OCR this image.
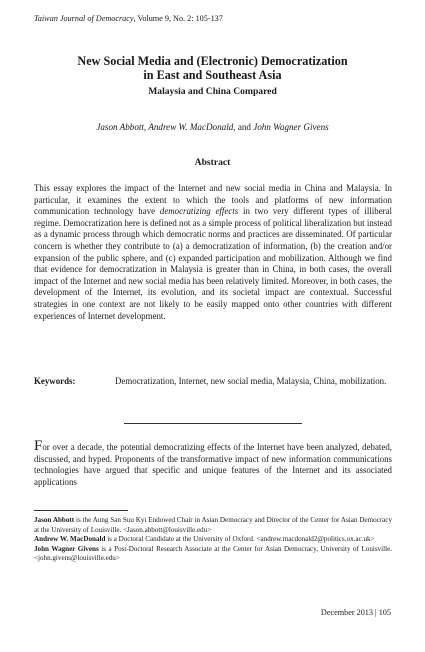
Taiwan Journal of Democracy, Volume 9, No. 2: 105-137
New Social Media and (Electronic) Democratization
in East and Southeast Asia
Malaysia and China Compared
Jason Abbott, Andrew W. MacDonald, and John Wagner Givens
Abstract

This essay explores the impact of the Internet and new social media in China and Malaysia. In particular, it examines the extent to which the tools and platforms of new information communication technology have democratizing effects in two very different types of illiberal regime. Democratization here is defined not as a simple process of political liberalization but instead as a dynamic process through which democratic norms and practices are disseminated. Of particular concern is whether they contribute to (a) a democratization of information, (b) the creation and/or expansion of the public sphere, and (c) expanded participation and mobilization. Although we find that evidence for democratization in Malaysia is greater than in China, in both cases, the overall impact of the Internet and new social media has been relatively limited. Moreover, in both cases, the development of the Internet, its evolution, and its societal impact are contextual. Successful strategies in one context are not likely to be easily mapped onto other countries with different experiences of Internet development.

Keywords:	Democratization, Internet, new social media, Malaysia, China, mobilization.

For over a decade, the potential democratizing effects of the Internet have been analyzed, debated, discussed, and hyped. Proponents of the transformative impact of new information communications technologies have argued that specific and unique features of the Internet and its associated applications

Jason Abbott is the Aung San Suu Kyi Endowed Chair in Asian Democracy and Director of the Center for Asian Democracy at the University of Louisville. <Jason.abbott@louisville.edu>

Andrew W. MacDonald is a Doctoral Candidate at the University of Oxford. <andrew.macdonald2@politics.ox.ac.uk>

John Wagner Givens is a Post-Doctoral Research Associate at the Center for Asian Democracy, University of Louisville. <john.givens@louisville.edu>

December 2013 | 105
